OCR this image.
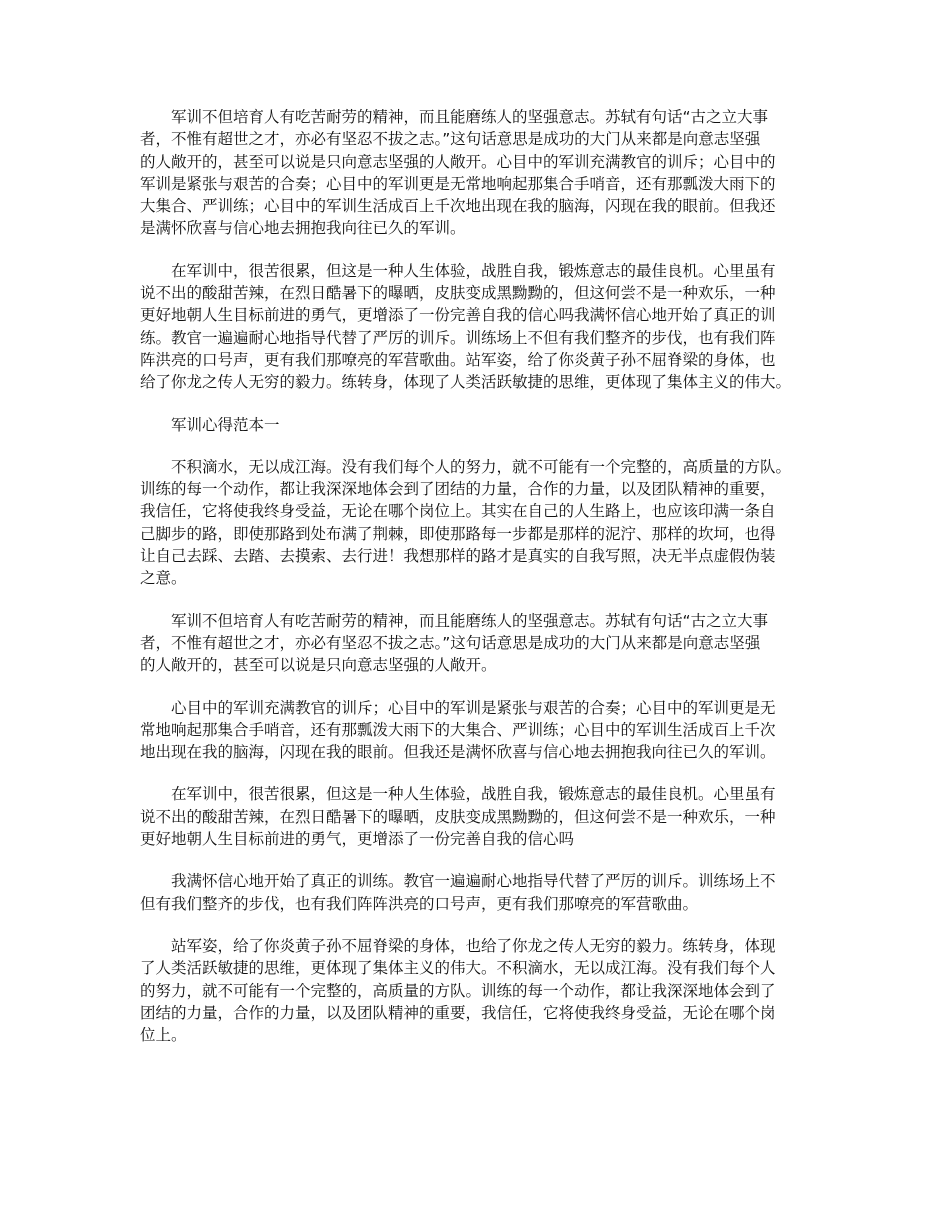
军训不但培育人有吃苦耐劳的精神，而且能磨练人的坚强意志。苏轼有句话“古之立大事
者，不惟有超世之才，亦必有坚忍不拔之志。”这句话意思是成功的大门从来都是向意志坚强
的人敞开的，甚至可以说是只向意志坚强的人敞开。心目中的军训充满教官的训斥；心目中的
军训是紧张与艰苦的合奏；心目中的军训更是无常地响起那集合手哨音，还有那瓢泼大雨下的
大集合、严训练；心目中的军训生活成百上千次地出现在我的脑海，闪现在我的眼前。但我还
是满怀欣喜与信心地去拥抱我向往已久的军训。
在军训中，很苦很累，但这是一种人生体验，战胜自我，锻炼意志的最佳良机。心里虽有
说不出的酸甜苦辣，在烈日酷暑下的曝晒，皮肤变成黑黝黝的，但这何尝不是一种欢乐，一种
更好地朝人生目标前进的勇气，更增添了一份完善自我的信心吗我满怀信心地开始了真正的训
练。教官一遍遍耐心地指导代替了严厉的训斥。训练场上不但有我们整齐的步伐，也有我们阵
阵洪亮的口号声，更有我们那嘹亮的军营歌曲。站军姿，给了你炎黄子孙不屈脊梁的身体，也
给了你龙之传人无穷的毅力。练转身，体现了人类活跃敏捷的思维，更体现了集体主义的伟大。
军训心得范本一
不积滴水，无以成江海。没有我们每个人的努力，就不可能有一个完整的，高质量的方队。
训练的每一个动作，都让我深深地体会到了团结的力量，合作的力量，以及团队精神的重要，
我信任，它将使我终身受益，无论在哪个岗位上。其实在自己的人生路上，也应该印满一条自
己脚步的路，即使那路到处布满了荆棘，即使那路每一步都是那样的泥泞、那样的坎坷，也得
让自己去踩、去踏、去摸索、去行进！我想那样的路才是真实的自我写照，决无半点虚假伪装
之意。
军训不但培育人有吃苦耐劳的精神，而且能磨练人的坚强意志。苏轼有句话“古之立大事
者，不惟有超世之才，亦必有坚忍不拔之志。”这句话意思是成功的大门从来都是向意志坚强
的人敞开的，甚至可以说是只向意志坚强的人敞开。
心目中的军训充满教官的训斥；心目中的军训是紧张与艰苦的合奏；心目中的军训更是无
常地响起那集合手哨音，还有那瓢泼大雨下的大集合、严训练；心目中的军训生活成百上千次
地出现在我的脑海，闪现在我的眼前。但我还是满怀欣喜与信心地去拥抱我向往已久的军训。
在军训中，很苦很累，但这是一种人生体验，战胜自我，锻炼意志的最佳良机。心里虽有
说不出的酸甜苦辣，在烈日酷暑下的曝晒，皮肤变成黑黝黝的，但这何尝不是一种欢乐，一种
更好地朝人生目标前进的勇气，更增添了一份完善自我的信心吗
我满怀信心地开始了真正的训练。教官一遍遍耐心地指导代替了严厉的训斥。训练场上不
但有我们整齐的步伐，也有我们阵阵洪亮的口号声，更有我们那嘹亮的军营歌曲。
站军姿，给了你炎黄子孙不屈脊梁的身体，也给了你龙之传人无穷的毅力。练转身，体现
了人类活跃敏捷的思维，更体现了集体主义的伟大。不积滴水，无以成江海。没有我们每个人
的努力，就不可能有一个完整的，高质量的方队。训练的每一个动作，都让我深深地体会到了
团结的力量，合作的力量，以及团队精神的重要，我信任，它将使我终身受益，无论在哪个岗
位上。
